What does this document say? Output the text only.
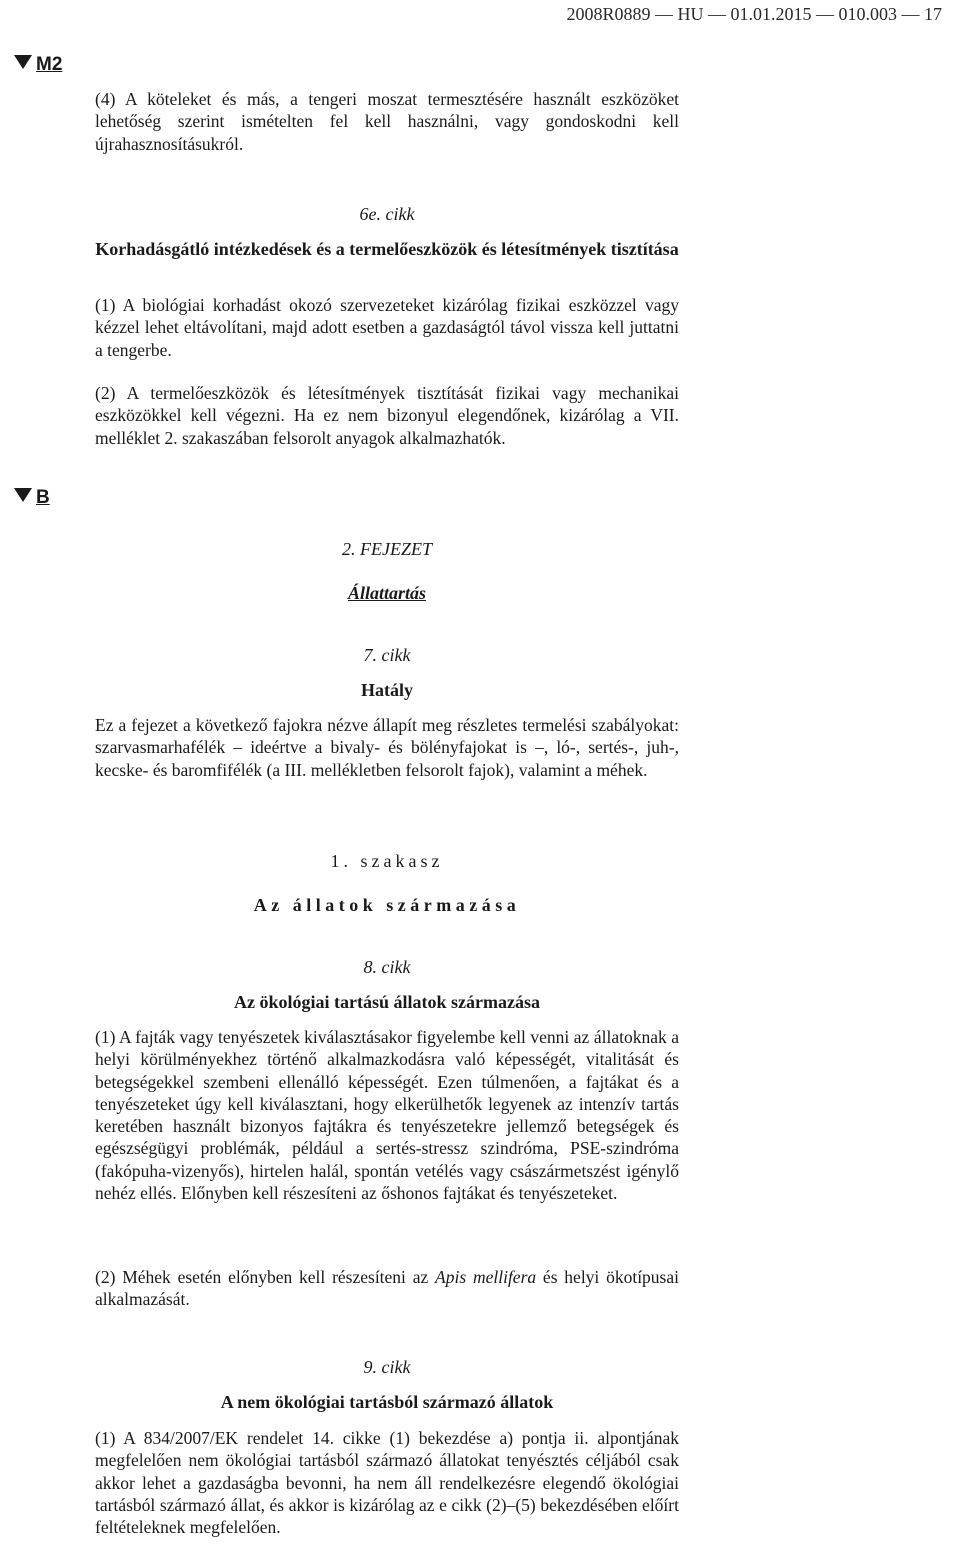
2008R0889 — HU — 01.01.2015 — 010.003 — 17
M2
B

(4) A köteleket és más, a tengeri moszat termesztésére használt eszközöket lehetőség szerint ismételten fel kell használni, vagy gondoskodni kell újrahasznosításukról.

6e. cikk
Korhadásgátló intézkedések és a termelőeszközök és létesítmények tisztítása

(1) A biológiai korhadást okozó szervezeteket kizárólag fizikai eszközzel vagy kézzel lehet eltávolítani, majd adott esetben a gazdaságtól távol vissza kell juttatni a tengerbe.

(2) A termelőeszközök és létesítmények tisztítását fizikai vagy mechanikai eszközökkel kell végezni. Ha ez nem bizonyul elegendőnek, kizárólag a VII. melléklet 2. szakaszában felsorolt anyagok alkalmazhatók.

2. FEJEZET
Állattartás
7. cikk
Hatály

Ez a fejezet a következő fajokra nézve állapít meg részletes termelési szabályokat: szarvasmarhafélék – ideértve a bivaly- és bölényfajokat is –, ló-, sertés-, juh-, kecske- és baromfifélék (a III. mellékletben felsorolt fajok), valamint a méhek.

1. szakasz
Az állatok származása
8. cikk
Az ökológiai tartású állatok származása

(1) A fajták vagy tenyészetek kiválasztásakor figyelembe kell venni az állatoknak a helyi körülményekhez történő alkalmazkodásra való képességét, vitalitását és betegségekkel szembeni ellenálló képességét. Ezen túlmenően, a fajtákat és a tenyészeteket úgy kell kiválasztani, hogy elkerülhetők legyenek az intenzív tartás keretében használt bizonyos fajtákra és tenyészetekre jellemző betegségek és egészségügyi problémák, például a sertés-stressz szindróma, PSE-szindróma (fakópuha-vizenyős), hirtelen halál, spontán vetélés vagy császármetszést igénylő nehéz ellés. Előnyben kell részesíteni az őshonos fajtákat és tenyészeteket.

(2) Méhek esetén előnyben kell részesíteni az Apis mellifera és helyi ökotípusai alkalmazását.

9. cikk
A nem ökológiai tartásból származó állatok

(1) A 834/2007/EK rendelet 14. cikke (1) bekezdése a) pontja ii. alpontjának megfelelően nem ökológiai tartásból származó állatokat tenyésztés céljából csak akkor lehet a gazdaságba bevonni, ha nem áll rendelkezésre elegendő ökológiai tartásból származó állat, és akkor is kizárólag az e cikk (2)–(5) bekezdésében előírt feltételeknek megfelelően.
